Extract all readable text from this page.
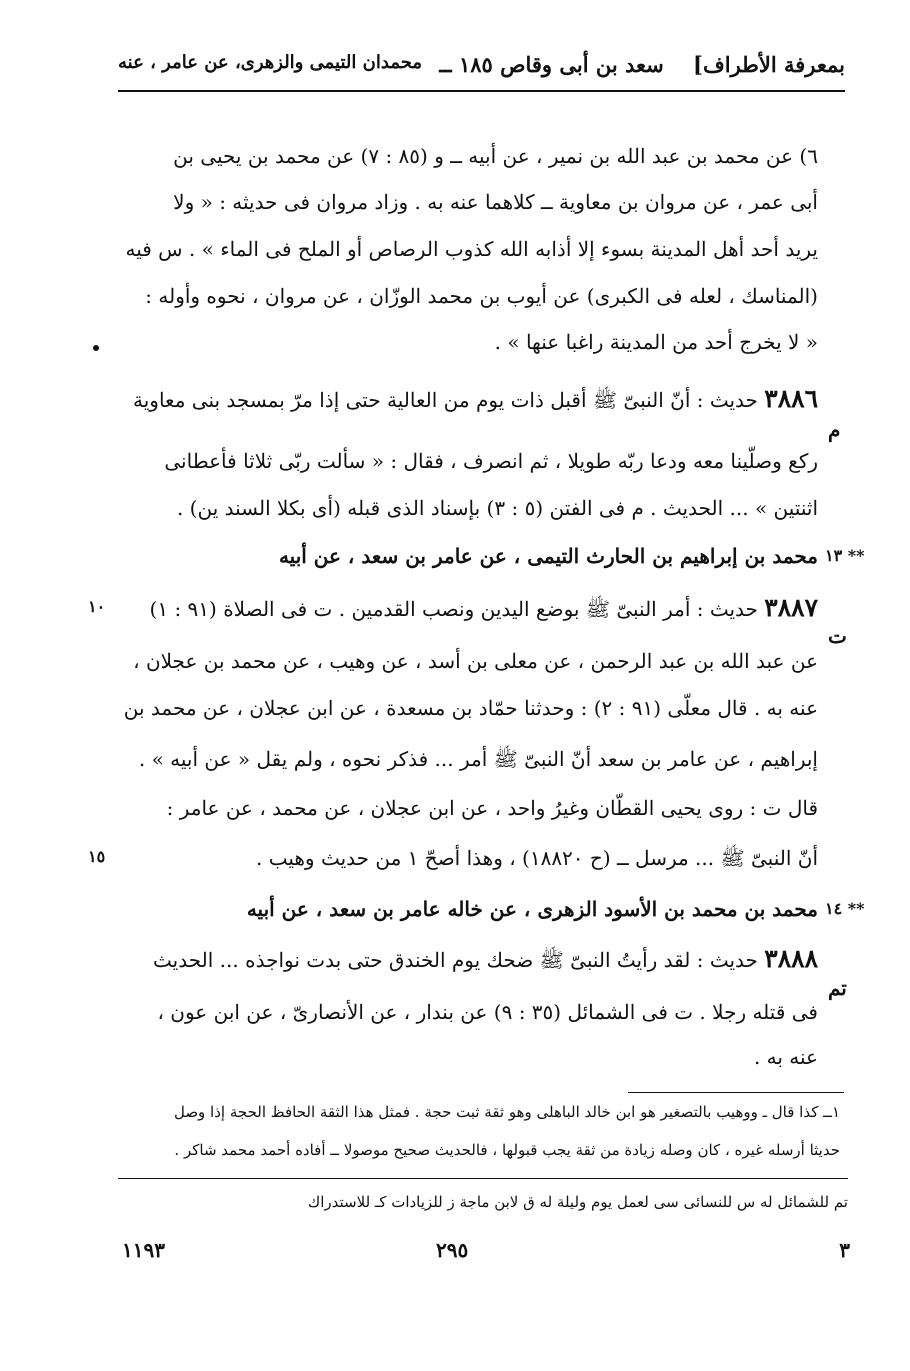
بمعرفة الأطراف]    سعد بن أبى وقاص ١٨٥ ــ
محمدان التيمى والزهرى، عن عامر ، عنه
٦) عن محمد بن عبد الله بن نمير ، عن أبيه ــ و (٨٥ : ٧) عن محمد بن يحيى بن
أبى عمر ، عن مروان بن معاوية ــ كلاهما عنه به . وزاد مروان فى حديثه : « ولا
يريد أحد أهل المدينة بسوء إلا أذابه الله كذوب الرصاص أو الملح فى الماء » . س فيه
(المناسك ، لعله فى الكبرى) عن أيوب بن محمد الوزّان ، عن مروان ، نحوه وأوله :
« لا يخرج أحد من المدينة راغبا عنها » .
٣٨٨٦ حديث : أنّ النبىّ ﷺ أقبل ذات يوم من العالية حتى إذا مرّ بمسجد بنى معاوية
م
ركع وصلّينا معه ودعا ربّه طويلا ، ثم انصرف ، فقال : « سألت ربّى ثلاثا فأعطانى
اثنتين » ... الحديث . م فى الفتن (٥ : ٣) بإسناد الذى قبله (أى بكلا السند ين) .
محمد بن إبراهيم بن الحارث التيمى ، عن عامر بن سعد ، عن أبيه ١٣ **
٣٨٨٧ حديث : أمر النبىّ ﷺ بوضع اليدين ونصب القدمين . ت فى الصلاة (٩١ : ١)
١٠
ت
عن عبد الله بن عبد الرحمن ، عن معلى بن أسد ، عن وهيب ، عن محمد بن عجلان ،
عنه به . قال معلّى (٩١ : ٢) : وحدثنا حمّاد بن مسعدة ، عن ابن عجلان ، عن محمد بن
إبراهيم ، عن عامر بن سعد أنّ النبىّ ﷺ أمر ... فذكر نحوه ، ولم يقل « عن أبيه » .
قال ت : روى يحيى القطّان وغيرُ واحد ، عن ابن عجلان ، عن محمد ، عن عامر :
أنّ النبىّ ﷺ ... مرسل ــ (ح ١٨٨٢٠) ، وهذا أصحّ ١ من حديث وهيب .
١٥
محمد بن محمد بن الأسود الزهرى ، عن خاله عامر بن سعد ، عن أبيه ١٤ **
٣٨٨٨ حديث : لقد رأيتُ النبىّ ﷺ ضحك يوم الخندق حتى بدت نواجذه ... الحديث
تم
فى قتله رجلا . ت فى الشمائل (٣٥ : ٩) عن بندار ، عن الأنصارىّ ، عن ابن عون ،
عنه به .
١ــ كذا قال ـ ووهيب بالتصغير هو ابن خالد الباهلى وهو ثقة ثبت حجة . فمثل هذا الثقة الحافظ الحجة إذا وصل
حديثا أرسله غيره ، كان وصله زيادة من ثقة يجب قبولها ، فالحديث صحيح موصولا ــ أفاده أحمد محمد شاكر .
تم للشمائل له س للنسائى سى لعمل يوم وليلة له ق لابن ماجة ز للزيادات كـ للاستدراك
٣
٢٩٥
١١٩٣
